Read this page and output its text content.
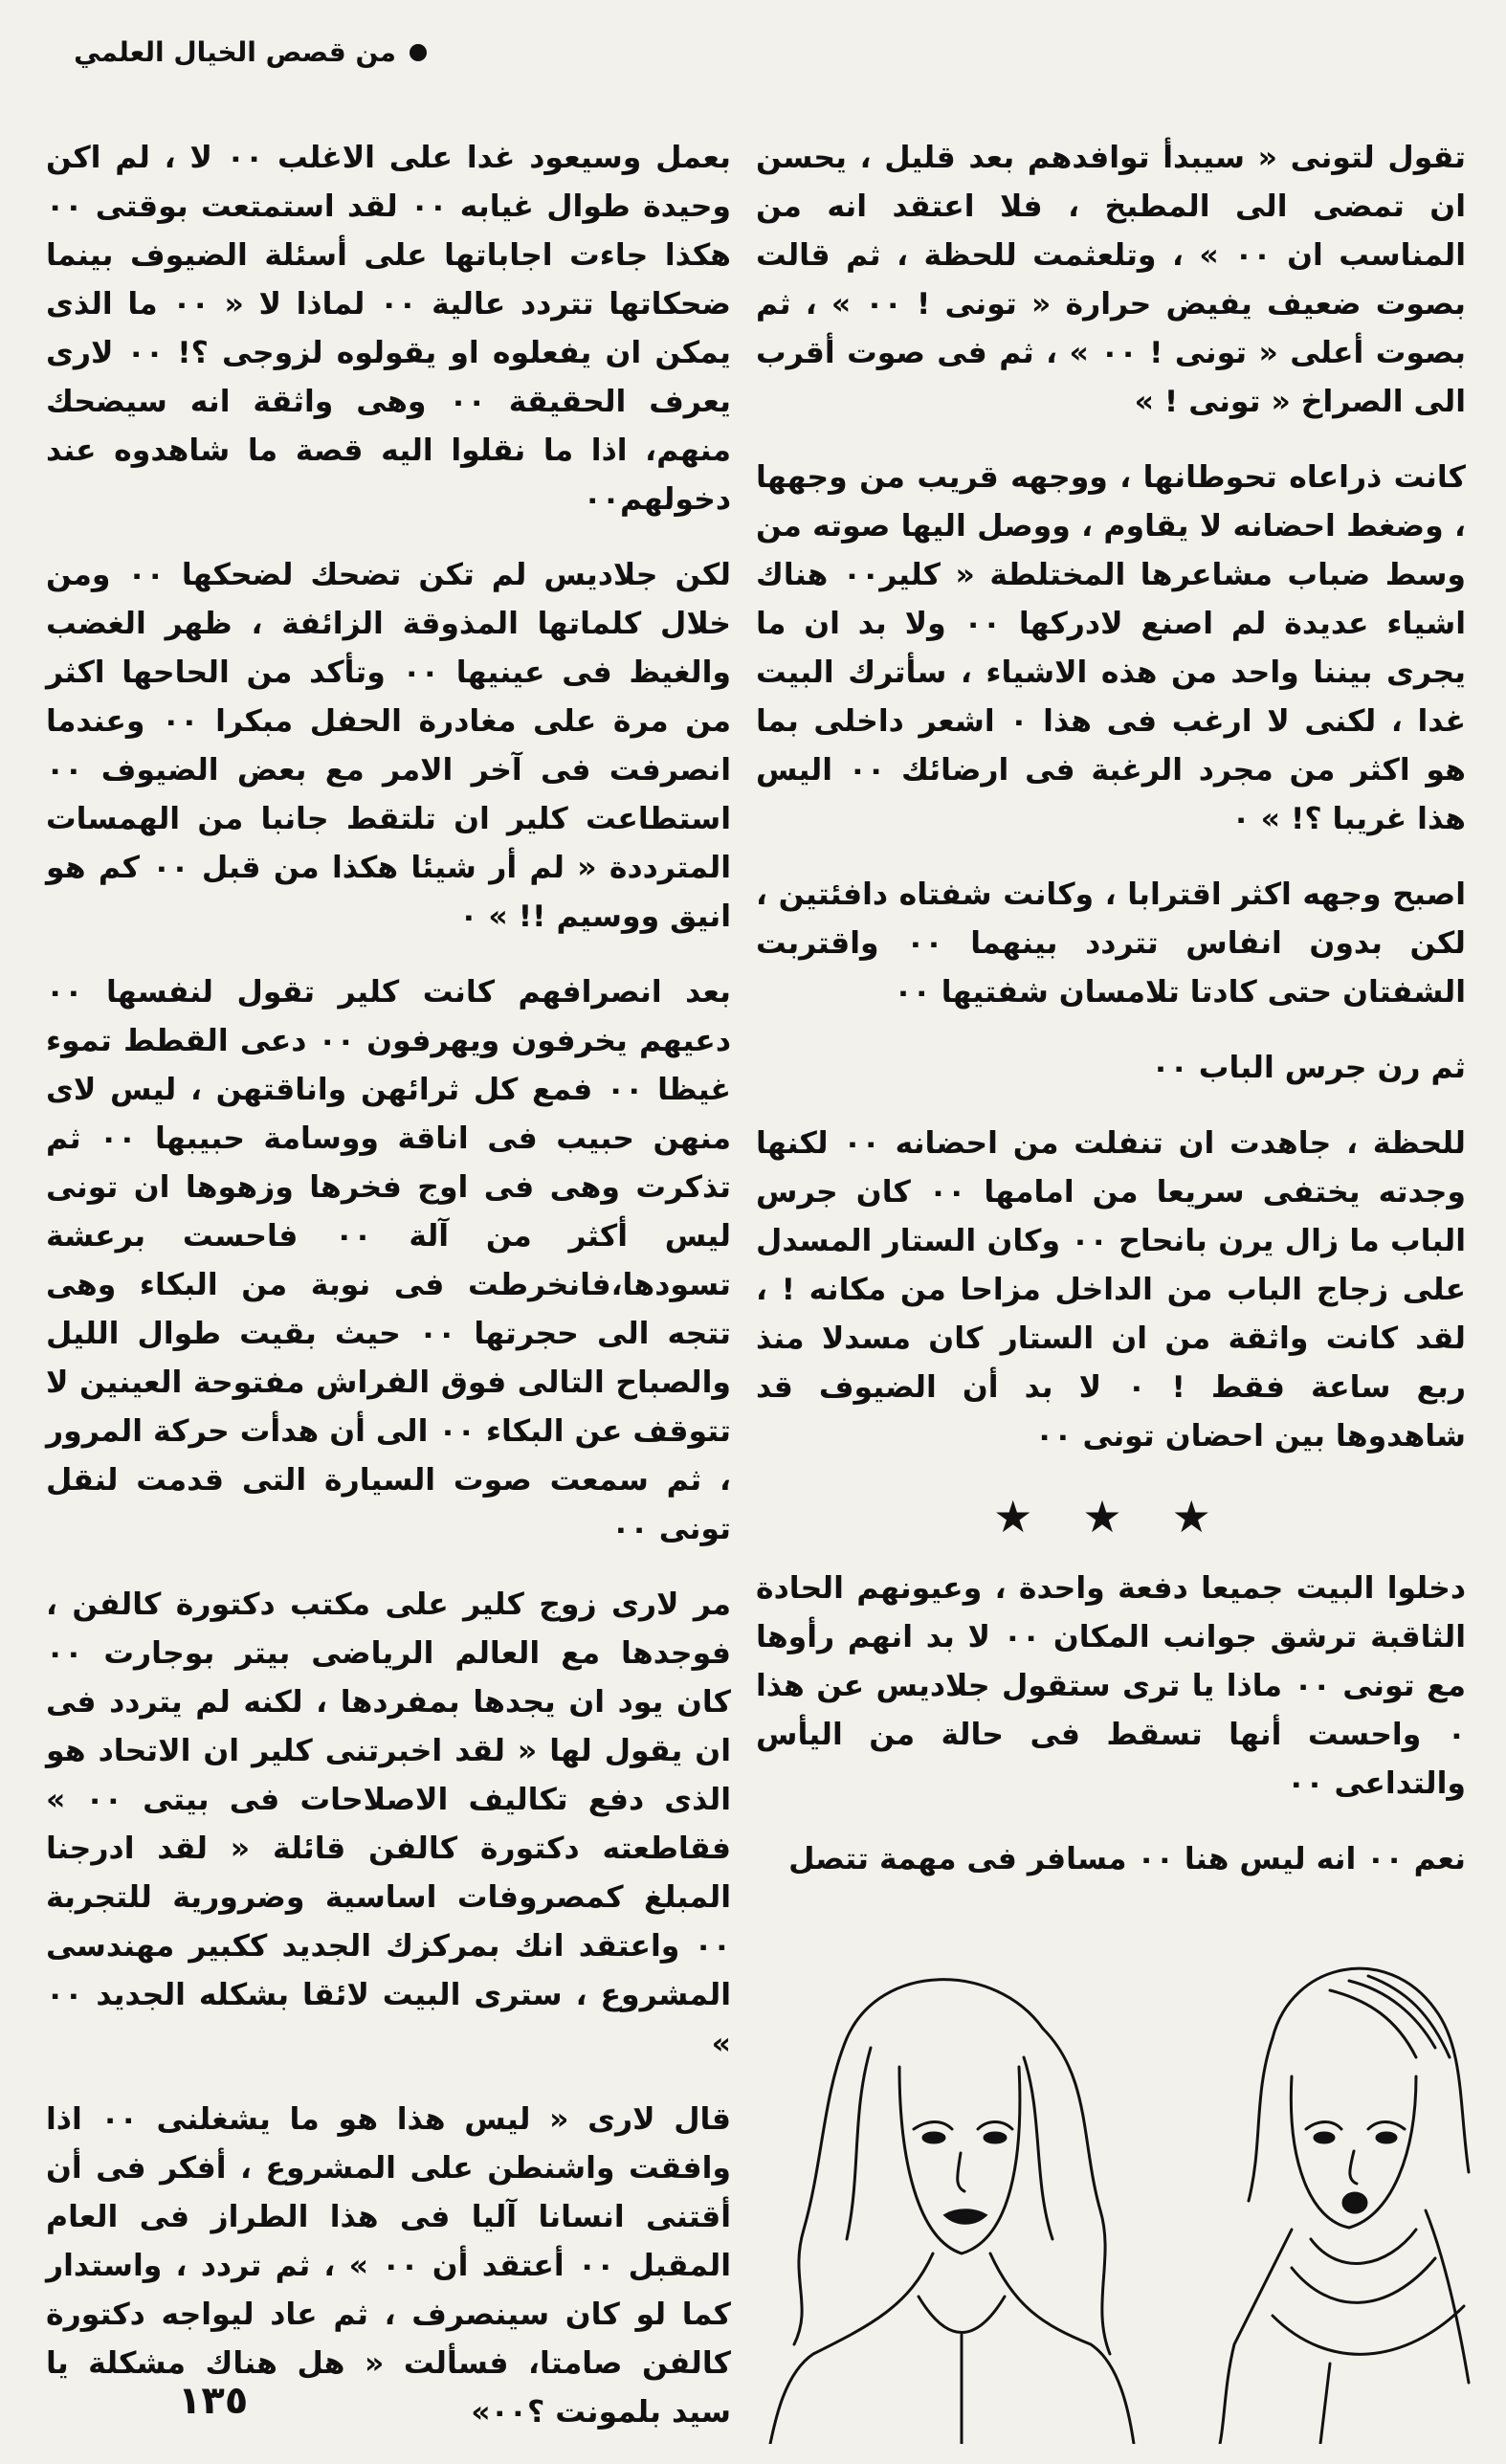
من قصص الخيال العلمي

تقول لتونى « سيبدأ توافدهم بعد قليل ، يحسن ان تمضى الى المطبخ ، فلا اعتقد انه من المناسب ان ٠٠ » ، وتلعثمت للحظة ، ثم قالت بصوت ضعيف يفيض حرارة « تونى ! ٠٠ » ، ثم بصوت أعلى « تونى ! ٠٠ » ، ثم فى صوت أقرب الى الصراخ « تونى ! »

كانت ذراعاه تحوطانها ، ووجهه قريب من وجهها ، وضغط احضانه لا يقاوم ، ووصل اليها صوته من وسط ضباب مشاعرها المختلطة « كلير٠٠ هناك اشياء عديدة لم اصنع لادركها ٠٠ ولا بد ان ما يجرى بيننا واحد من هذه الاشياء ، سأترك البيت غدا ، لكنى لا ارغب فى هذا ٠ اشعر داخلى بما هو اكثر من مجرد الرغبة فى ارضائك ٠٠ اليس هذا غريبا ؟! » ٠

اصبح وجهه اكثر اقترابا ، وكانت شفتاه دافئتين ، لكن بدون انفاس تتردد بينهما ٠٠ واقتربت الشفتان حتى كادتا تلامسان شفتيها ٠٠

ثم رن جرس الباب ٠٠

للحظة ، جاهدت ان تنفلت من احضانه ٠٠ لكنها وجدته يختفى سريعا من امامها ٠٠ كان جرس الباب ما زال يرن بانحاح ٠٠ وكان الستار المسدل على زجاج الباب من الداخل مزاحا من مكانه ! ، لقد كانت واثقة من ان الستار كان مسدلا منذ ربع ساعة فقط ! ٠ لا بد أن الضيوف قد شاهدوها بين احضان تونى ٠٠

★ ★ ★

دخلوا البيت جميعا دفعة واحدة ، وعيونهم الحادة الثاقبة ترشق جوانب المكان ٠٠ لا بد انهم رأوها مع تونى ٠٠ ماذا يا ترى ستقول جلاديس عن هذا ٠ واحست أنها تسقط فى حالة من اليأس والتداعى ٠٠

نعم ٠٠ انه ليس هنا ٠٠ مسافر فى مهمة تتصل

بعمل وسيعود غدا على الاغلب ٠٠ لا ، لم اكن وحيدة طوال غيابه ٠٠ لقد استمتعت بوقتى ٠٠ هكذا جاءت اجاباتها على أسئلة الضيوف بينما ضحكاتها تتردد عالية ٠٠ لماذا لا « ٠٠ ما الذى يمكن ان يفعلوه او يقولوه لزوجى ؟! ٠٠ لارى يعرف الحقيقة ٠٠ وهى واثقة انه سيضحك منهم، اذا ما نقلوا اليه قصة ما شاهدوه عند دخولهم٠٠

لكن جلاديس لم تكن تضحك لضحكها ٠٠ ومن خلال كلماتها المذوقة الزائفة ، ظهر الغضب والغيظ فى عينيها ٠٠ وتأكد من الحاحها اكثر من مرة على مغادرة الحفل مبكرا ٠٠ وعندما انصرفت فى آخر الامر مع بعض الضيوف ٠٠ استطاعت كلير ان تلتقط جانبا من الهمسات المترددة « لم أر شيئا هكذا من قبل ٠٠ كم هو انيق ووسيم !! » ٠

بعد انصرافهم كانت كلير تقول لنفسها ٠٠ دعيهم يخرفون ويهرفون ٠٠ دعى القطط تموء غيظا ٠٠ فمع كل ثرائهن واناقتهن ، ليس لاى منهن حبيب فى اناقة ووسامة حبيبها ٠٠ ثم تذكرت وهى فى اوج فخرها وزهوها ان تونى ليس أكثر من آلة ٠٠ فاحست برعشة تسودها،فانخرطت فى نوبة من البكاء وهى تتجه الى حجرتها ٠٠ حيث بقيت طوال الليل والصباح التالى فوق الفراش مفتوحة العينين لا تتوقف عن البكاء ٠٠ الى أن هدأت حركة المرور ، ثم سمعت صوت السيارة التى قدمت لنقل تونى ٠٠

مر لارى زوج كلير على مكتب دكتورة كالفن ، فوجدها مع العالم الرياضى بيتر بوجارت ٠٠ كان يود ان يجدها بمفردها ، لكنه لم يتردد فى ان يقول لها « لقد اخبرتنى كلير ان الاتحاد هو الذى دفع تكاليف الاصلاحات فى بيتى ٠٠ » فقاطعته دكتورة كالفن قائلة « لقد ادرجنا المبلغ كمصروفات اساسية وضرورية للتجربة ٠٠ واعتقد انك بمركزك الجديد ككبير مهندسى المشروع ، سترى البيت لائقا بشكله الجديد ٠٠ »

قال لارى « ليس هذا هو ما يشغلنى ٠٠ اذا وافقت واشنطن على المشروع ، أفكر فى أن أقتنى انسانا آليا فى هذا الطراز فى العام المقبل ٠٠ أعتقد أن ٠٠ » ، ثم تردد ، واستدار كما لو كان سينصرف ، ثم عاد ليواجه دكتورة كالفن صامتا، فسألت « هل هناك مشكلة يا سيد بلمونت ؟٠٠»

١٣٥
